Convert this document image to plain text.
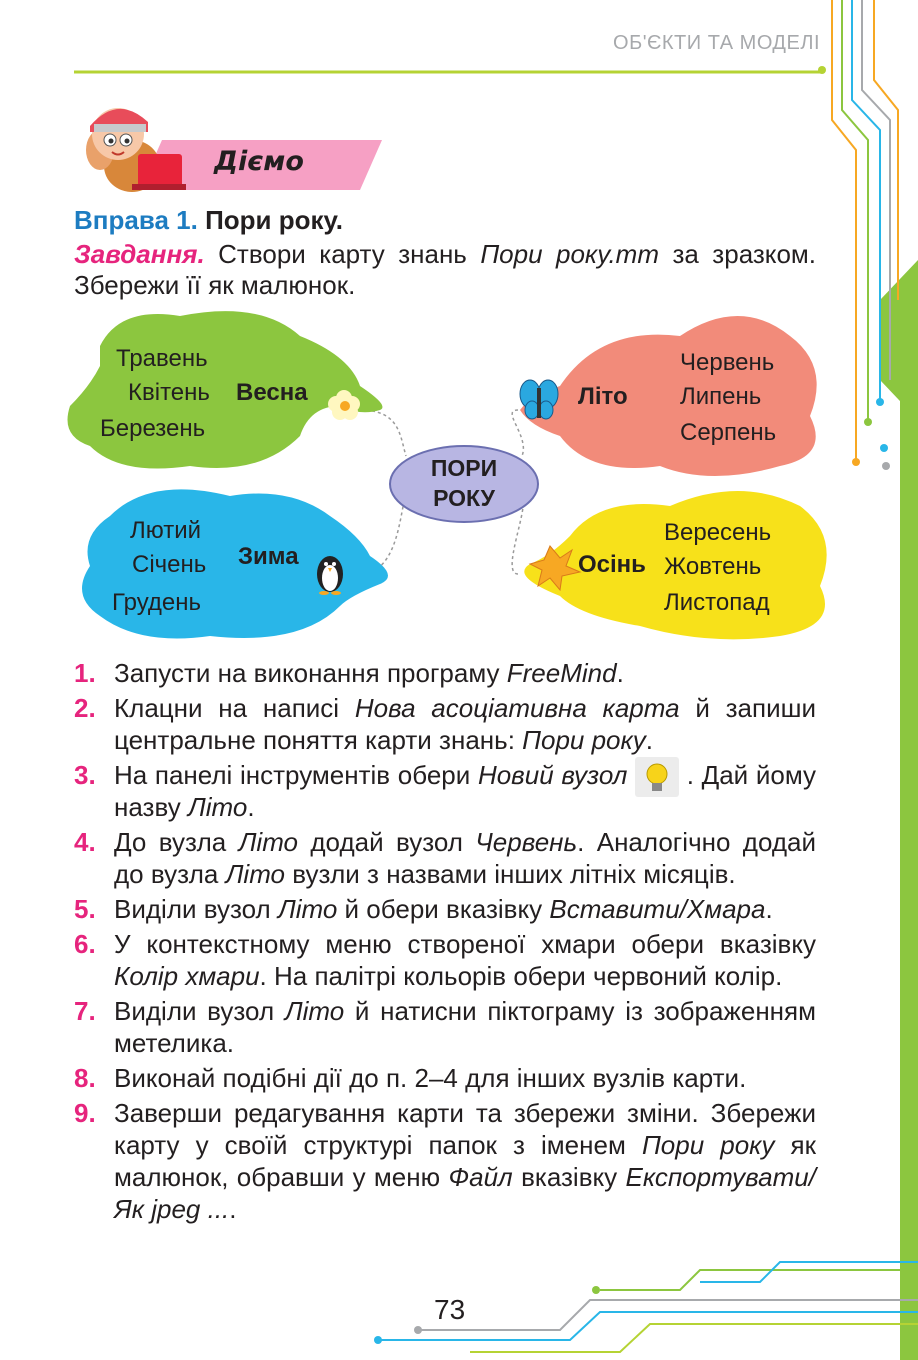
ОБ'ЄКТИ ТА МОДЕЛІ
Діємо
Вправа 1. Пори року.
Завдання. Створи карту знань Пори року.mm за зразком. Збережи її як малюнок.
ПОРИ
РОКУ
Травень
Квітень
Березень
Весна	Літо
Червень
Липень
Серпень
Лютий
Січень
Грудень
Зима	Осінь
Вересень
Жовтень
Листопад
1. Запусти на виконання програму FreeMind.
2. Клацни на написі Нова асоціативна карта й запиши центральне поняття карти знань: Пори року.
3. На панелі інструментів обери Новий вузол  . Дай йому назву Літо.
4. До вузла Літо додай вузол Червень. Аналогічно додай до вузла Літо вузли з назвами інших літніх місяців.
5. Виділи вузол Літо й обери вказівку Вставити/Хмара.
6. У контекстному меню створеної хмари обери вказівку Колір хмари. На палітрі кольорів обери червоний колір.
7. Виділи вузол Літо й натисни піктограму із зображенням метелика.
8. Виконай подібні дії до п. 2–4 для інших вузлів карти.
9. Заверши редагування карти та збережи зміни. Збережи карту у своїй структурі папок з іменем Пори року як малюнок, обравши у меню Файл вказівку Експортувати/ Як jpeg ....
73
